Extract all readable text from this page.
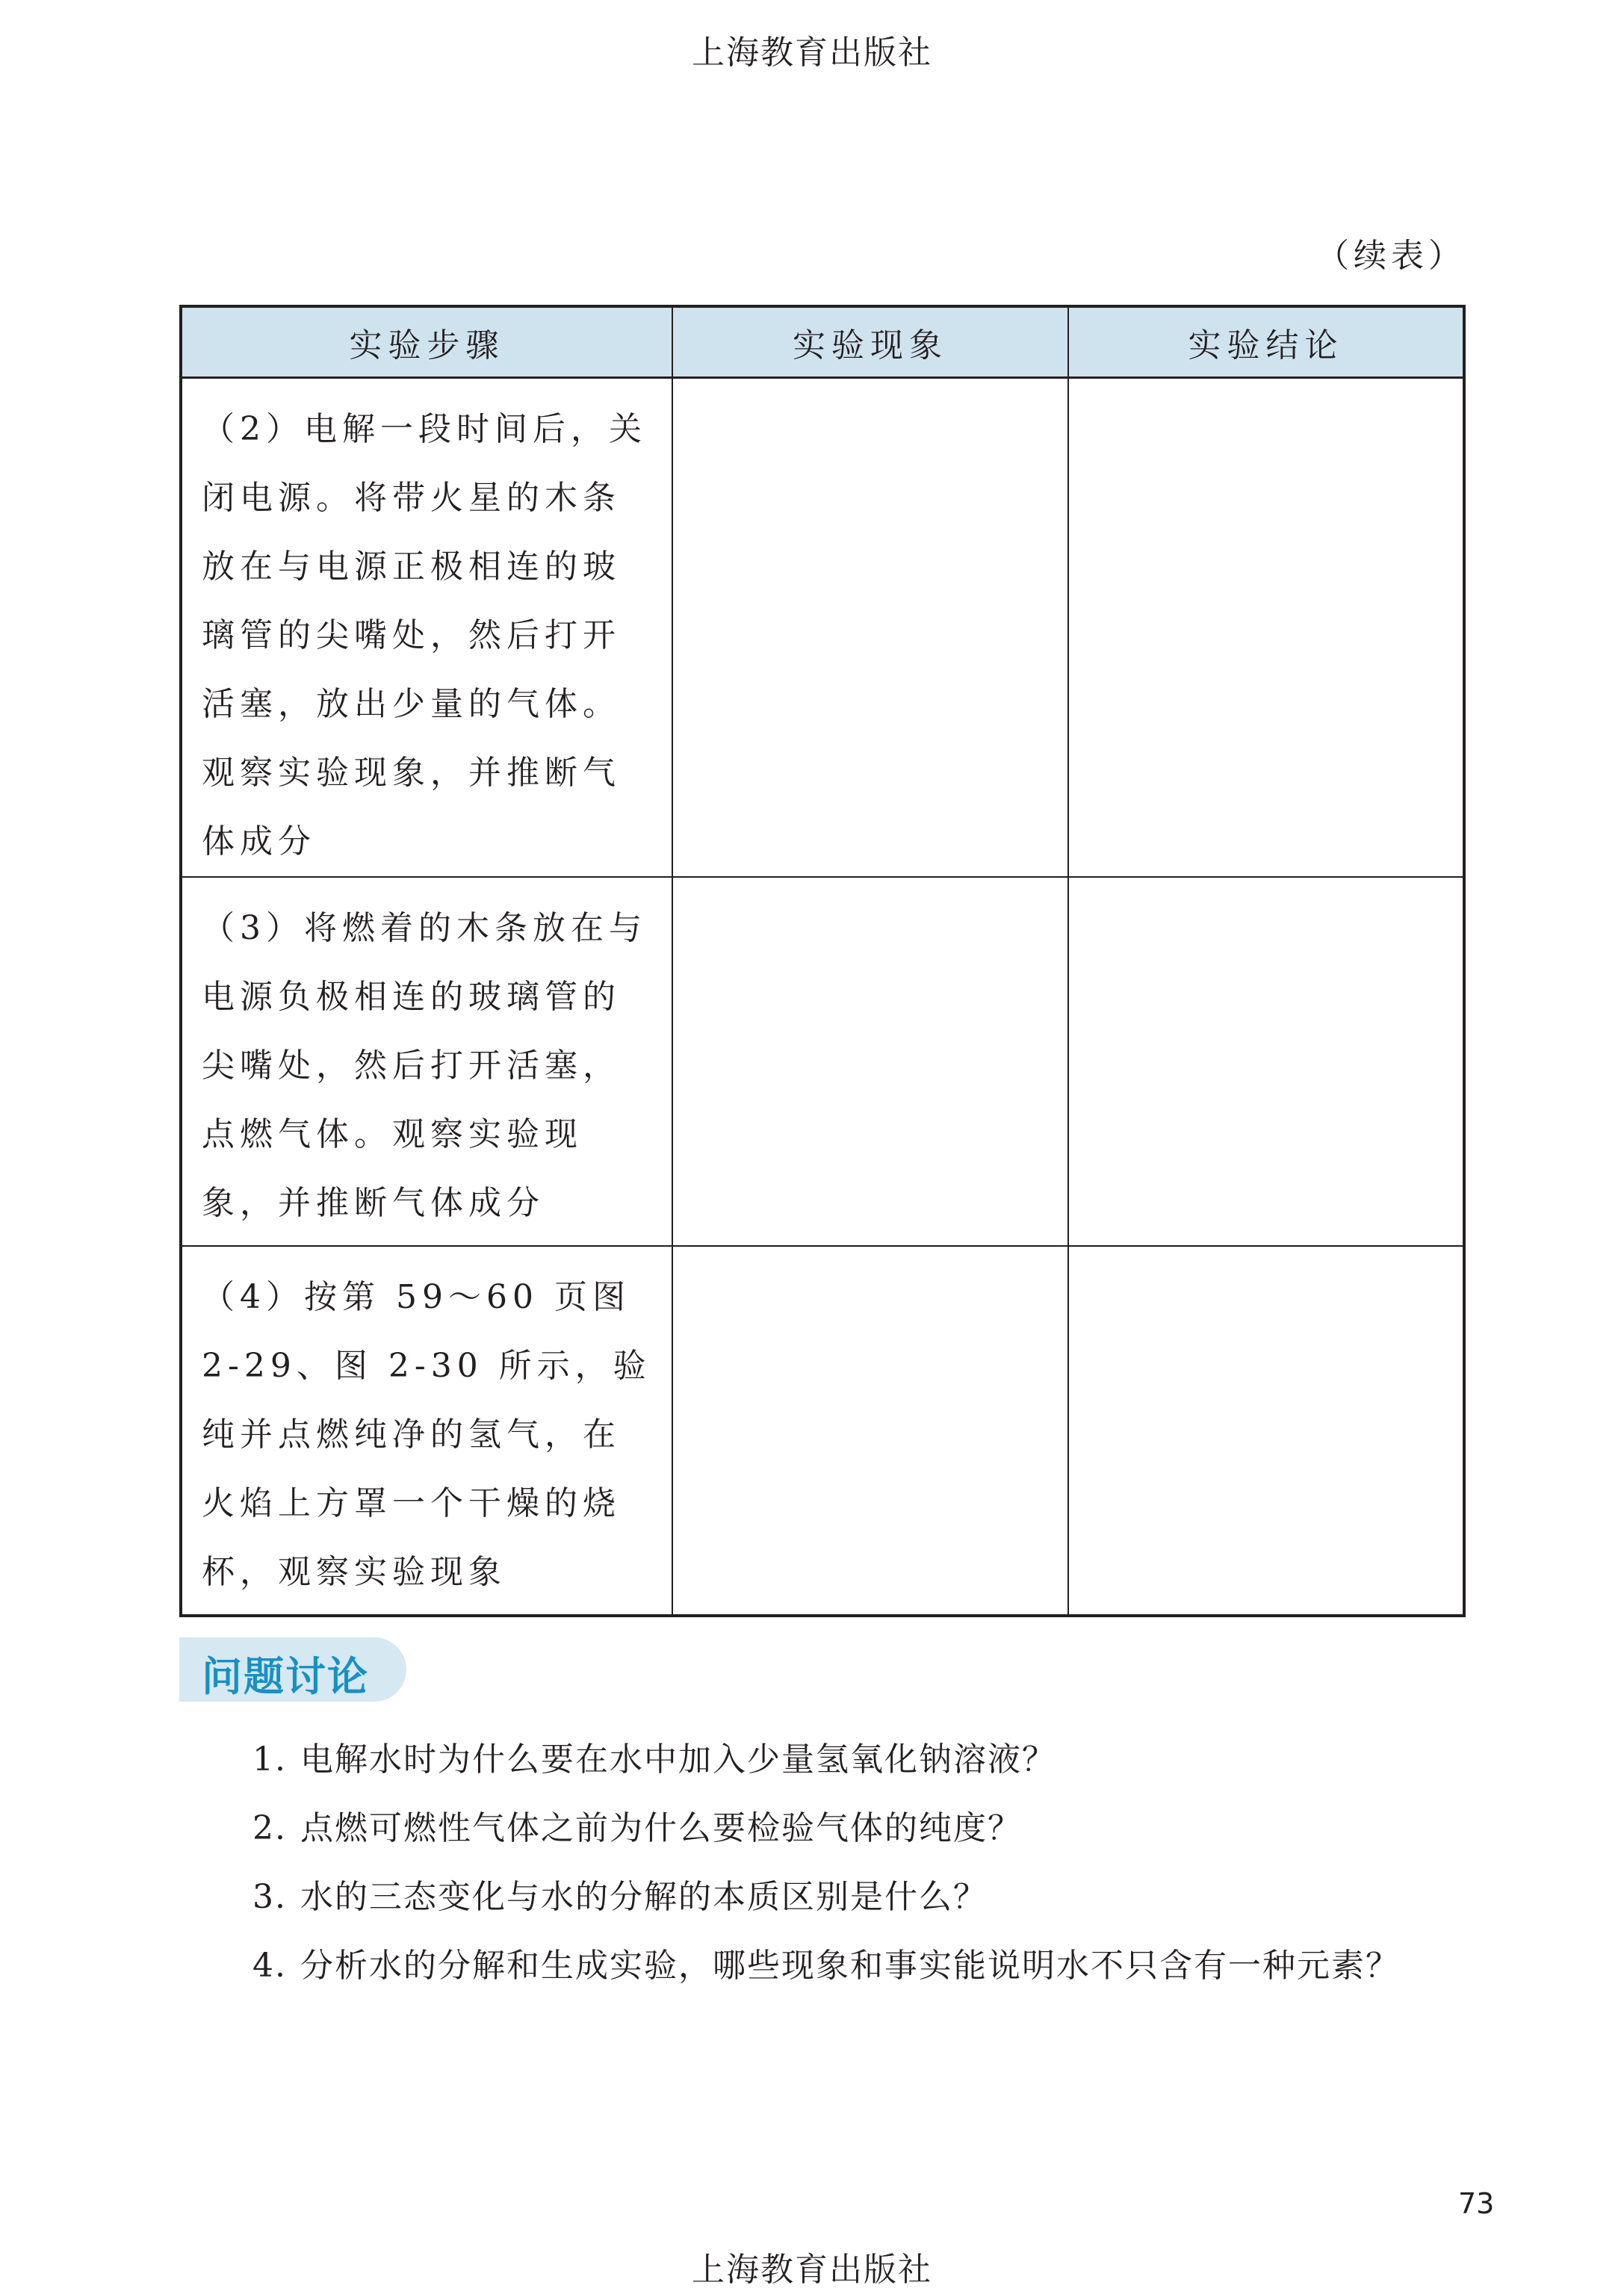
上海教育出版社
（续表）
实验步骤	实验现象	实验结论

（2）电解一段时间后，关闭电源。将带火星的木条放在与电源正极相连的玻璃管的尖嘴处，然后打开活塞，放出少量的气体。观察实验现象，并推断气体成分		

（3）将燃着的木条放在与电源负极相连的玻璃管的尖嘴处，然后打开活塞，点燃气体。观察实验现象，并推断气体成分		

（4）按第 59～60 页图 2-29、图 2-30 所示，验纯并点燃纯净的氢气，在火焰上方罩一个干燥的烧杯，观察实验现象		

问题讨论
1. 电解水时为什么要在水中加入少量氢氧化钠溶液？
2. 点燃可燃性气体之前为什么要检验气体的纯度？
3. 水的三态变化与水的分解的本质区别是什么？
4. 分析水的分解和生成实验，哪些现象和事实能说明水不只含有一种元素？
73
上海教育出版社
